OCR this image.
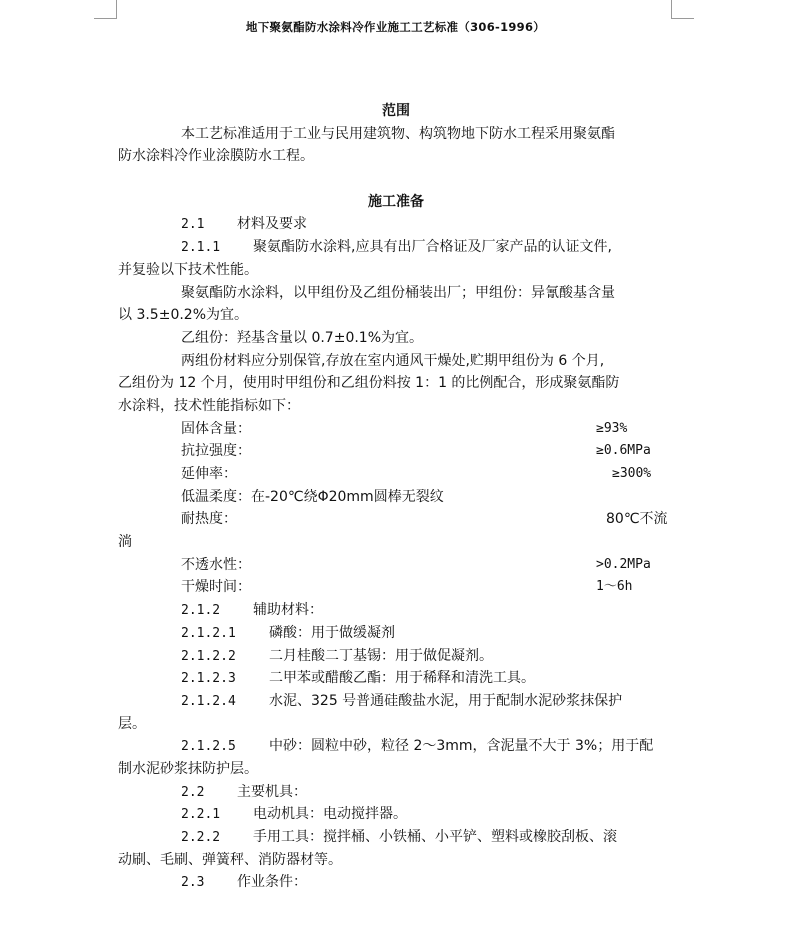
地下聚氨酯防水涂料冷作业施工工艺标准（306-1996）
范围
本工艺标准适用于工业与民用建筑物、构筑物地下防水工程采用聚氨酯
防水涂料冷作业涂膜防水工程。
施工准备
2.1 材料及要求
2.1.1 聚氨酯防水涂料,应具有出厂合格证及厂家产品的认证文件,
并复验以下技术性能。
聚氨酯防水涂料，以甲组份及乙组份桶装出厂；甲组份：异氰酸基含量
以 3.5±0.2%为宜。
乙组份：羟基含量以 0.7±0.1%为宜。
两组份材料应分别保管,存放在室内通风干燥处,贮期甲组份为 6 个月,
乙组份为 12 个月，使用时甲组份和乙组份料按 1：1 的比例配合，形成聚氨酯防
水涂料，技术性能指标如下：
固体含量：	≥93%
抗拉强度：	≥0.6MPa
延伸率：	≥300%
低温柔度：在-20℃绕Φ20mm圆棒无裂纹
耐热度：	80℃不流
淌
不透水性：	>0.2MPa
干燥时间：	1～6h
2.1.2 辅助材料：
2.1.2.1 磷酸：用于做缓凝剂
2.1.2.2 二月桂酸二丁基锡：用于做促凝剂。
2.1.2.3 二甲苯或醋酸乙酯：用于稀释和清洗工具。
2.1.2.4 水泥、325 号普通硅酸盐水泥，用于配制水泥砂浆抹保护
层。
2.1.2.5 中砂：圆粒中砂，粒径 2～3mm，含泥量不大于 3%；用于配
制水泥砂浆抹防护层。
2.2 主要机具：
2.2.1 电动机具：电动搅拌器。
2.2.2 手用工具：搅拌桶、小铁桶、小平铲、塑料或橡胶刮板、滚
动刷、毛刷、弹簧秤、消防器材等。
2.3 作业条件：
